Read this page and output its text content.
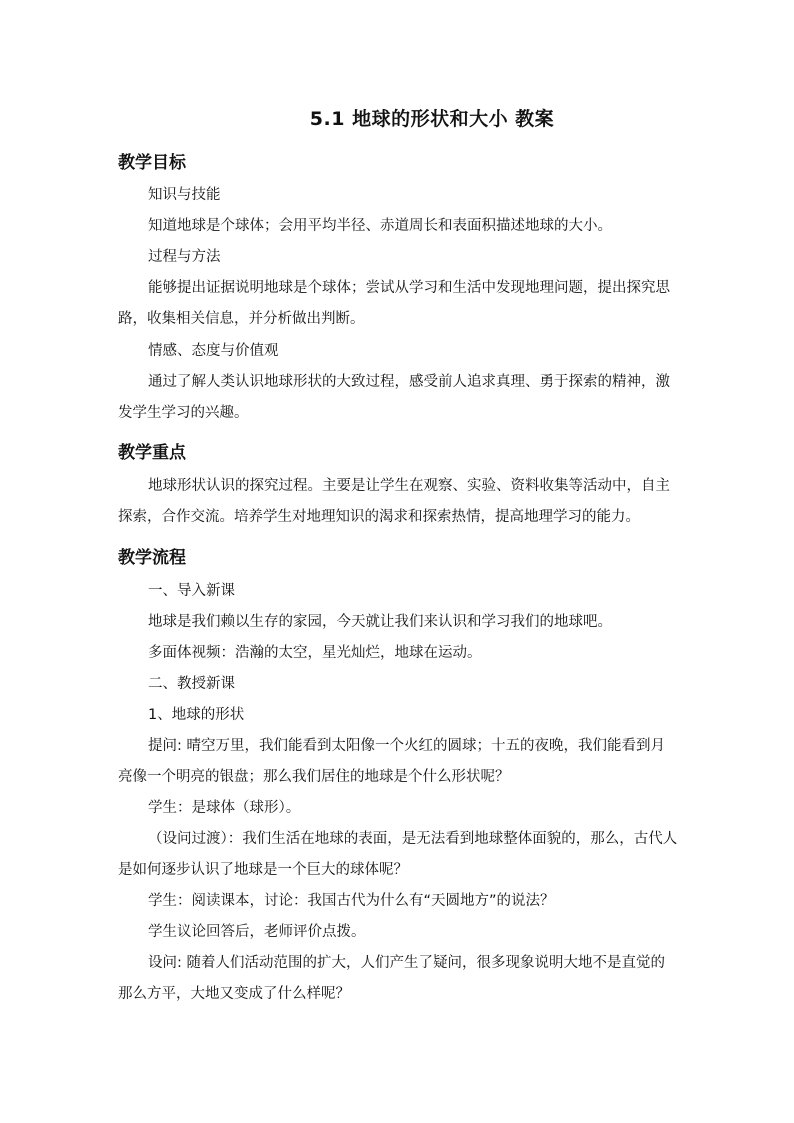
5.1 地球的形状和大小 教案
教学目标

知识与技能

知道地球是个球体；会用平均半径、赤道周长和表面积描述地球的大小。

过程与方法

能够提出证据说明地球是个球体；尝试从学习和生活中发现地理问题，提出探究思路，收集相关信息，并分析做出判断。

情感、态度与价值观

通过了解人类认识地球形状的大致过程，感受前人追求真理、勇于探索的精神，激发学生学习的兴趣。

教学重点

地球形状认识的探究过程。主要是让学生在观察、实验、资料收集等活动中，自主探索，合作交流。培养学生对地理知识的渴求和探索热情，提高地理学习的能力。

教学流程

一、导入新课

地球是我们赖以生存的家园，今天就让我们来认识和学习我们的地球吧。

多面体视频：浩瀚的太空，星光灿烂，地球在运动。

二、教授新课

1、地球的形状

提问: 晴空万里，我们能看到太阳像一个火红的圆球；十五的夜晚，我们能看到月亮像一个明亮的银盘；那么我们居住的地球是个什么形状呢？

学生：是球体（球形）。

（设问过渡）：我们生活在地球的表面，是无法看到地球整体面貌的，那么，古代人是如何逐步认识了地球是一个巨大的球体呢？

学生：阅读课本，讨论：我国古代为什么有“天圆地方”的说法？

学生议论回答后，老师评价点拨。

设问: 随着人们活动范围的扩大，人们产生了疑问，很多现象说明大地不是直觉的那么方平，大地又变成了什么样呢？
